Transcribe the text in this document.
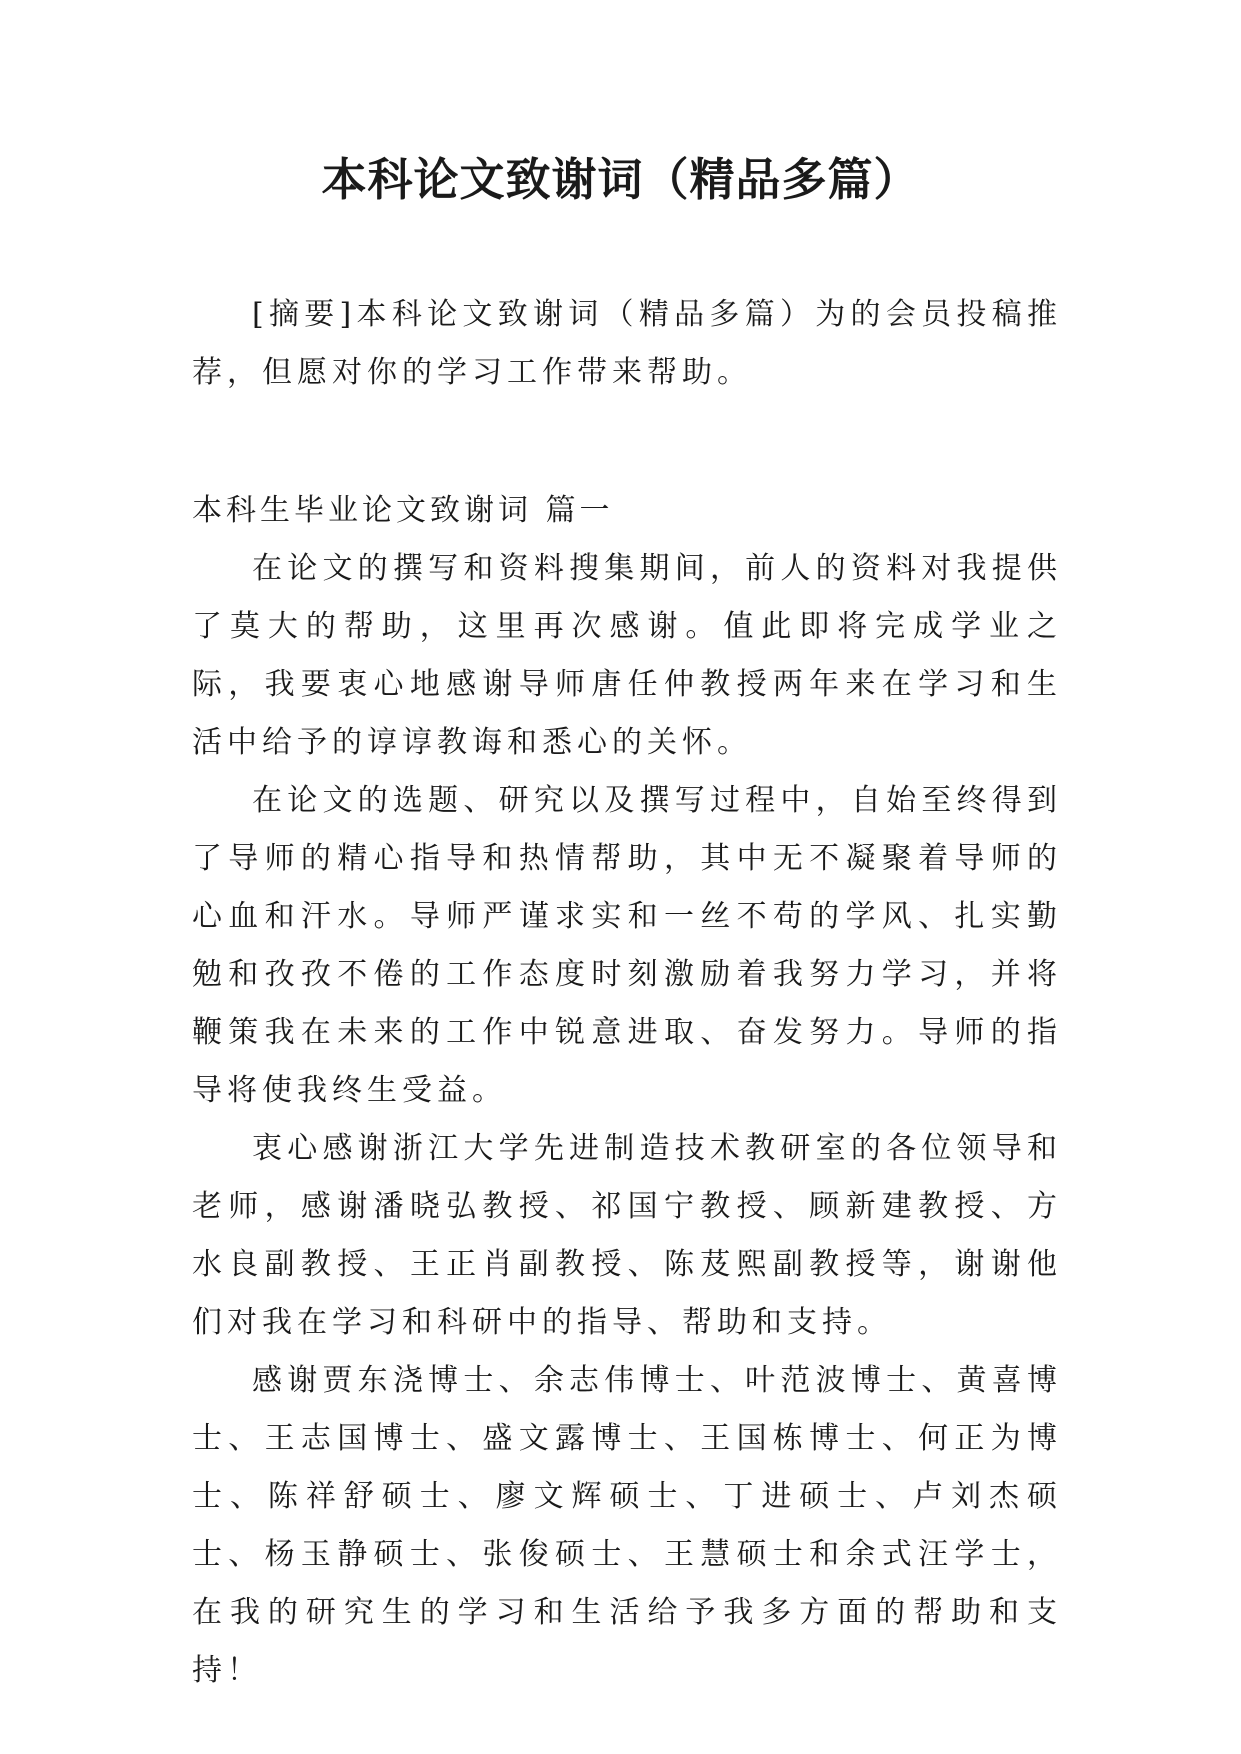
本科论文致谢词（精品多篇）

[摘要]本科论文致谢词（精品多篇）为的会员投稿推荐，但愿对你的学习工作带来帮助。

本科生毕业论文致谢词 篇一

在论文的撰写和资料搜集期间，前人的资料对我提供了莫大的帮助，这里再次感谢。值此即将完成学业之际，我要衷心地感谢导师唐任仲教授两年来在学习和生活中给予的谆谆教诲和悉心的关怀。

在论文的选题、研究以及撰写过程中，自始至终得到了导师的精心指导和热情帮助，其中无不凝聚着导师的心血和汗水。导师严谨求实和一丝不苟的学风、扎实勤勉和孜孜不倦的工作态度时刻激励着我努力学习，并将鞭策我在未来的工作中锐意进取、奋发努力。导师的指导将使我终生受益。

衷心感谢浙江大学先进制造技术教研室的各位领导和老师，感谢潘晓弘教授、祁国宁教授、顾新建教授、方水良副教授、王正肖副教授、陈芨熙副教授等，谢谢他们对我在学习和科研中的指导、帮助和支持。

感谢贾东浇博士、余志伟博士、叶范波博士、黄喜博士、王志国博士、盛文露博士、王国栋博士、何正为博士、陈祥舒硕士、廖文辉硕士、丁进硕士、卢刘杰硕士、杨玉静硕士、张俊硕士、王慧硕士和余式汪学士，在我的研究生的学习和生活给予我多方面的帮助和支持！
